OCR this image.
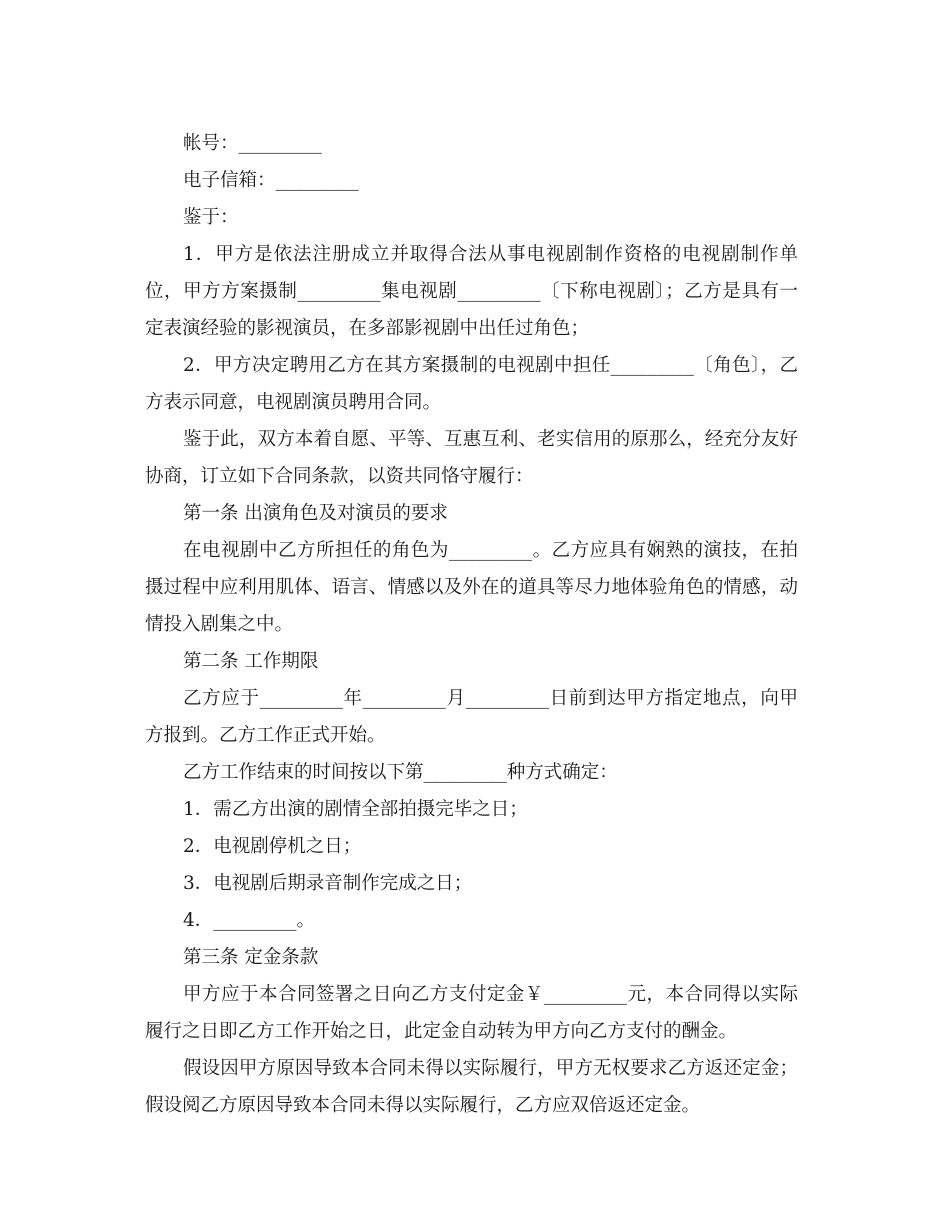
帐号：_________

电子信箱：_________

鉴于：

1．甲方是依法注册成立并取得合法从事电视剧制作资格的电视剧制作单

位，甲方方案摄制_________集电视剧_________〔下称电视剧〕；乙方是具有一

定表演经验的影视演员，在多部影视剧中出任过角色；

2．甲方决定聘用乙方在其方案摄制的电视剧中担任_________〔角色〕，乙

方表示同意，电视剧演员聘用合同。

鉴于此，双方本着自愿、平等、互惠互利、老实信用的原那么，经充分友好

协商，订立如下合同条款，以资共同恪守履行：

第一条 出演角色及对演员的要求

在电视剧中乙方所担任的角色为_________。乙方应具有娴熟的演技，在拍

摄过程中应利用肌体、语言、情感以及外在的道具等尽力地体验角色的情感，动

情投入剧集之中。

第二条 工作期限

乙方应于_________年_________月_________日前到达甲方指定地点，向甲

方报到。乙方工作正式开始。

乙方工作结束的时间按以下第_________种方式确定：

1．需乙方出演的剧情全部拍摄完毕之日；

2．电视剧停机之日；

3．电视剧后期录音制作完成之日；

4．_________。

第三条 定金条款

甲方应于本合同签署之日向乙方支付定金￥_________元，本合同得以实际

履行之日即乙方工作开始之日，此定金自动转为甲方向乙方支付的酬金。

假设因甲方原因导致本合同未得以实际履行，甲方无权要求乙方返还定金；

假设阅乙方原因导致本合同未得以实际履行，乙方应双倍返还定金。
